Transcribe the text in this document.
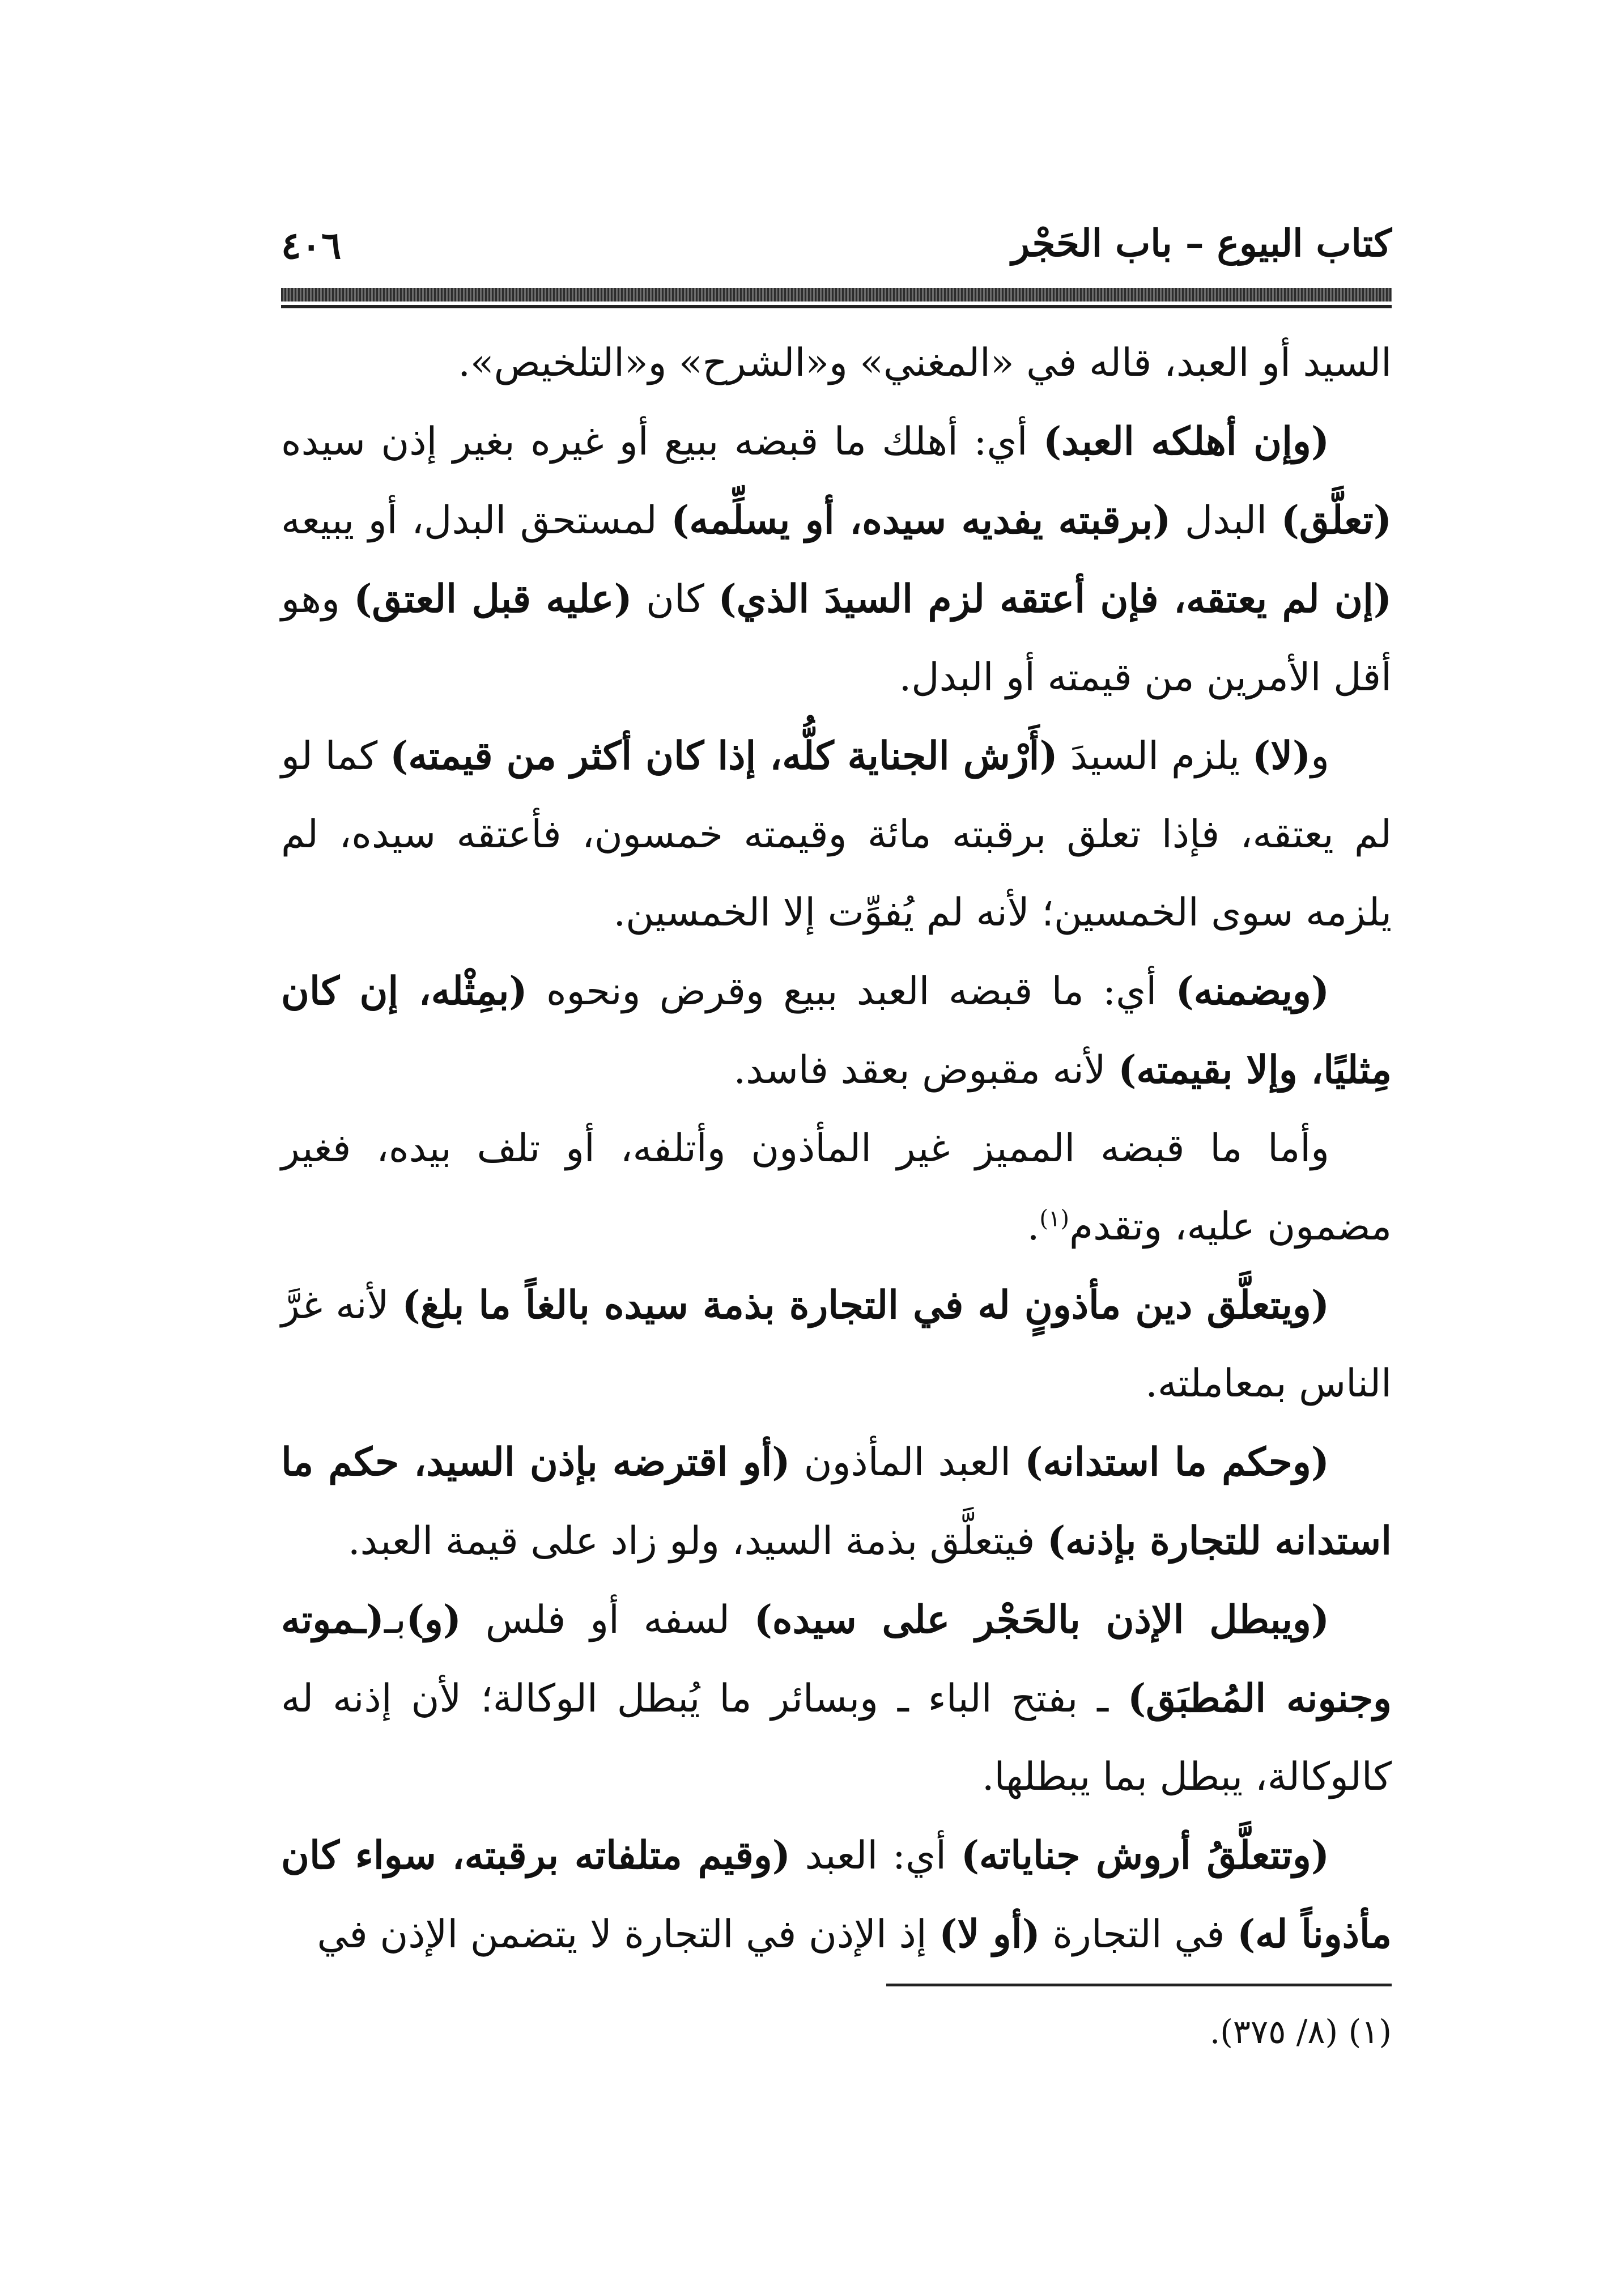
كتاب البيوع – باب الحَجْر
٤٠٦

السيد أو العبد، قاله في «المغني» و«الشرح» و«التلخيص».

(وإن أهلكه العبد) أي: أهلك ما قبضه ببيع أو غيره بغير إذن سيده (تعلَّق) البدل (برقبته يفديه سيده، أو يسلِّمه) لمستحق البدل، أو يبيعه (إن لم يعتقه، فإن أعتقه لزم السيدَ الذي) كان (عليه قبل العتق) وهو أقل الأمرين من قيمته أو البدل.

و(لا) يلزم السيدَ (أَرْش الجناية كلُّه، إذا كان أكثر من قيمته) كما لو لم يعتقه، فإذا تعلق برقبته مائة وقيمته خمسون، فأعتقه سيده، لم يلزمه سوى الخمسين؛ لأنه لم يُفوِّت إلا الخمسين.

(ويضمنه) أي: ما قبضه العبد ببيع وقرض ونحوه (بمِثْله، إن كان مِثليًا، وإلا بقيمته) لأنه مقبوض بعقد فاسد.

وأما ما قبضه المميز غير المأذون وأتلفه، أو تلف بيده، فغير مضمون عليه، وتقدم$^{(١)}$.

(ويتعلَّق دين مأذونٍ له في التجارة بذمة سيده بالغاً ما بلغ) لأنه غرَّ الناس بمعاملته.

(وحكم ما استدانه) العبد المأذون (أو اقترضه بإذن السيد، حكم ما استدانه للتجارة بإذنه) فيتعلَّق بذمة السيد، ولو زاد على قيمة العبد.

(ويبطل الإذن بالحَجْر على سيده) لسفه أو فلس (و)بـ(ـموته وجنونه المُطبَق) ـ بفتح الباء ـ وبسائر ما يُبطل الوكالة؛ لأن إذنه له كالوكالة، يبطل بما يبطلها.

(وتتعلَّقُ أروش جناياته) أي: العبد (وقيم متلفاته برقبته، سواء كان مأذوناً له) في التجارة (أو لا) إذ الإذن في التجارة لا يتضمن الإذن في

(١) (٨/ ٣٧٥).
